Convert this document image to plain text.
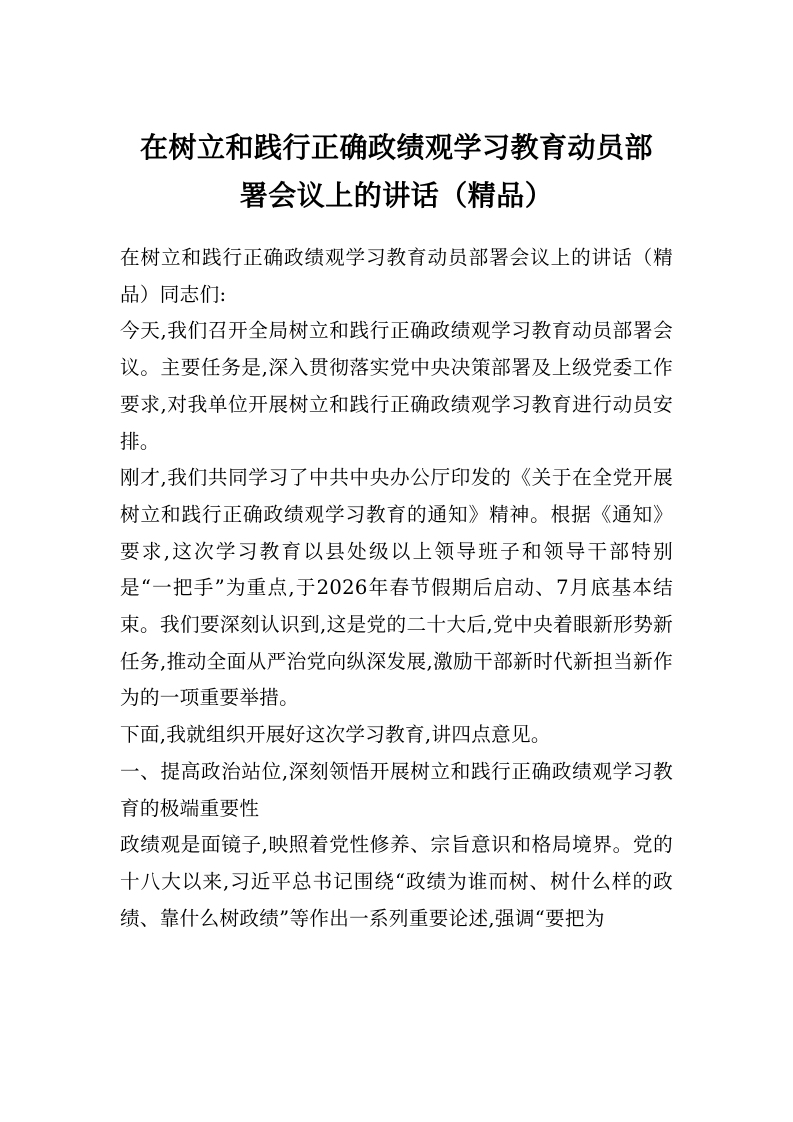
在树立和践行正确政绩观学习教育动员部
署会议上的讲话（精品）

在树立和践行正确政绩观学习教育动员部署会议上的讲话（精品）同志们:

今天,我们召开全局树立和践行正确政绩观学习教育动员部署会议。主要任务是,深入贯彻落实党中央决策部署及上级党委工作要求,对我单位开展树立和践行正确政绩观学习教育进行动员安排。

刚才,我们共同学习了中共中央办公厅印发的《关于在全党开展树立和践行正确政绩观学习教育的通知》精神。根据《通知》要求,这次学习教育以县处级以上领导班子和领导干部特别是“一把手”为重点,于2026年春节假期后启动、7月底基本结束。我们要深刻认识到,这是党的二十大后,党中央着眼新形势新任务,推动全面从严治党向纵深发展,激励干部新时代新担当新作为的一项重要举措。

下面,我就组织开展好这次学习教育,讲四点意见。

一、提高政治站位,深刻领悟开展树立和践行正确政绩观学习教育的极端重要性

政绩观是面镜子,映照着党性修养、宗旨意识和格局境界。党的十八大以来,习近平总书记围绕“政绩为谁而树、树什么样的政绩、靠什么树政绩”等作出一系列重要论述,强调“要把为
